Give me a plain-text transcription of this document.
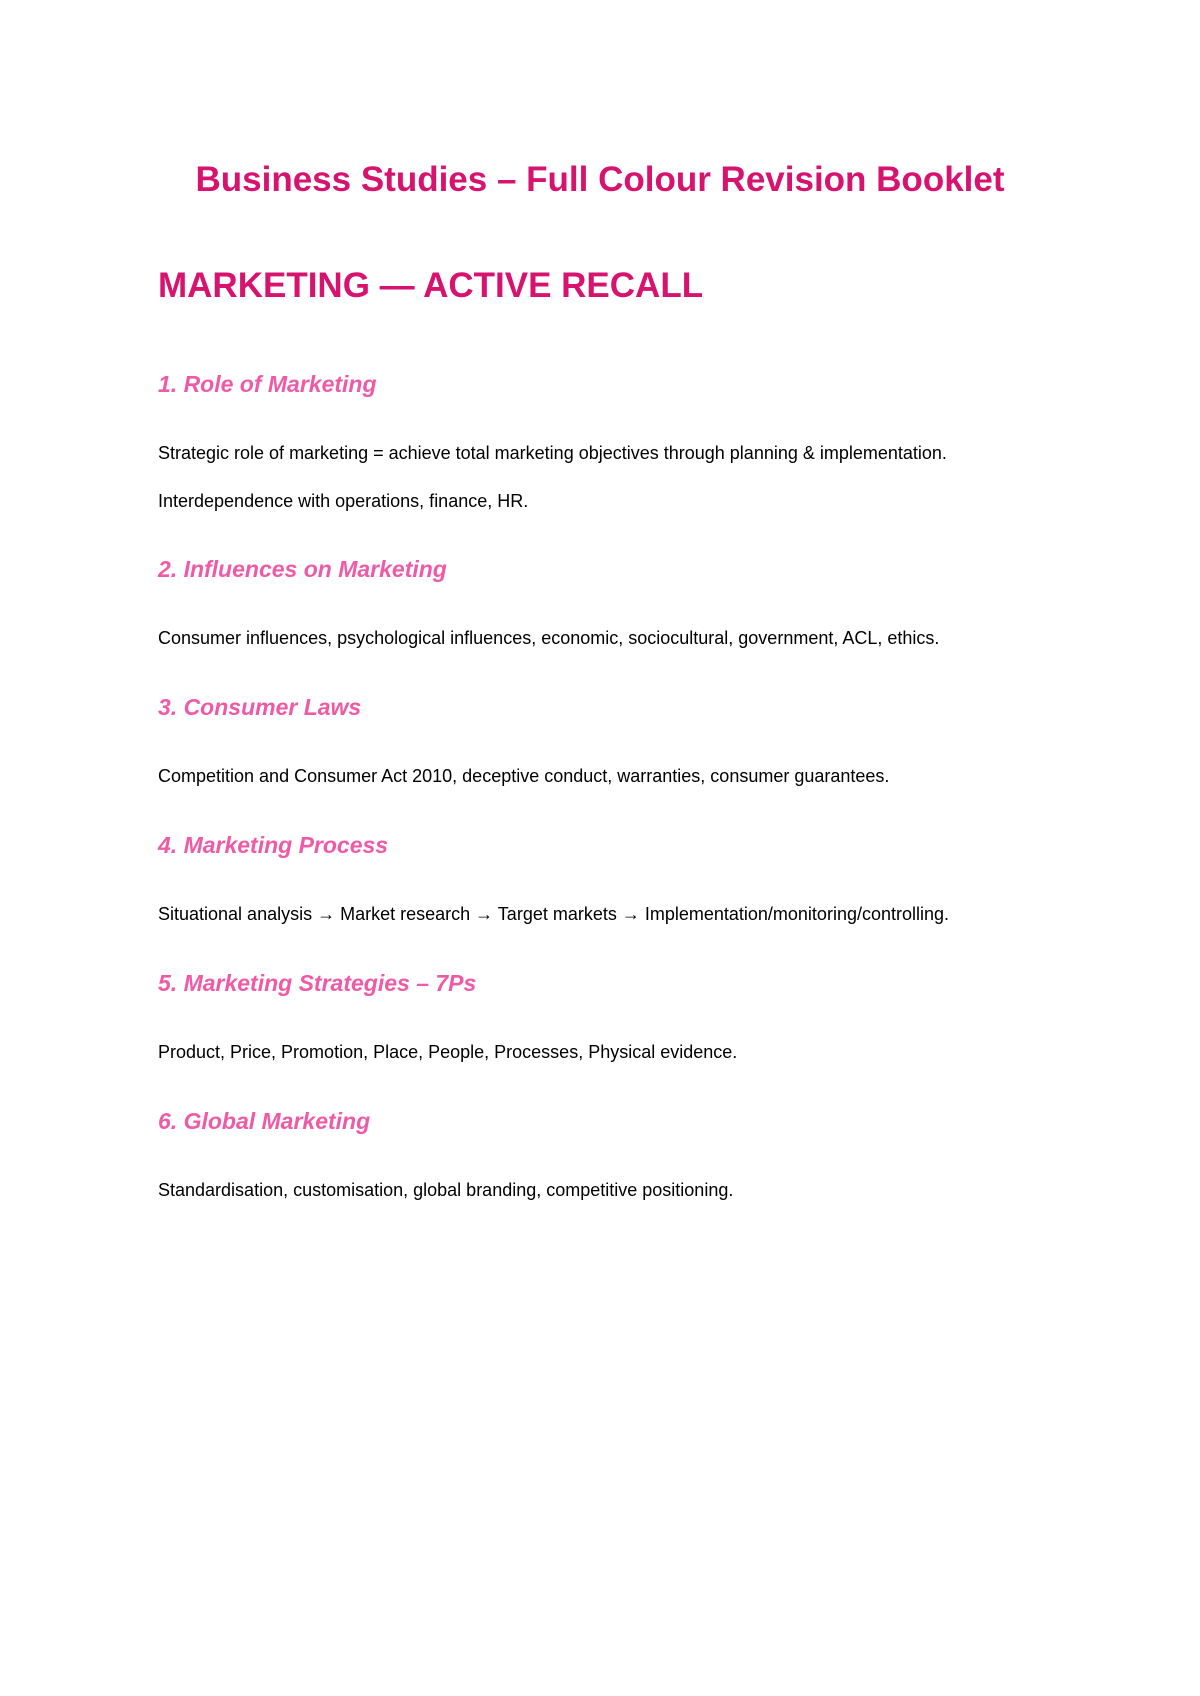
Business Studies – Full Colour Revision Booklet
MARKETING — ACTIVE RECALL
1. Role of Marketing

Strategic role of marketing = achieve total marketing objectives through planning & implementation.

Interdependence with operations, finance, HR.

2. Influences on Marketing

Consumer influences, psychological influences, economic, sociocultural, government, ACL, ethics.

3. Consumer Laws

Competition and Consumer Act 2010, deceptive conduct, warranties, consumer guarantees.

4. Marketing Process

Situational analysis → Market research → Target markets → Implementation/monitoring/controlling.

5. Marketing Strategies – 7Ps

Product, Price, Promotion, Place, People, Processes, Physical evidence.

6. Global Marketing

Standardisation, customisation, global branding, competitive positioning.
